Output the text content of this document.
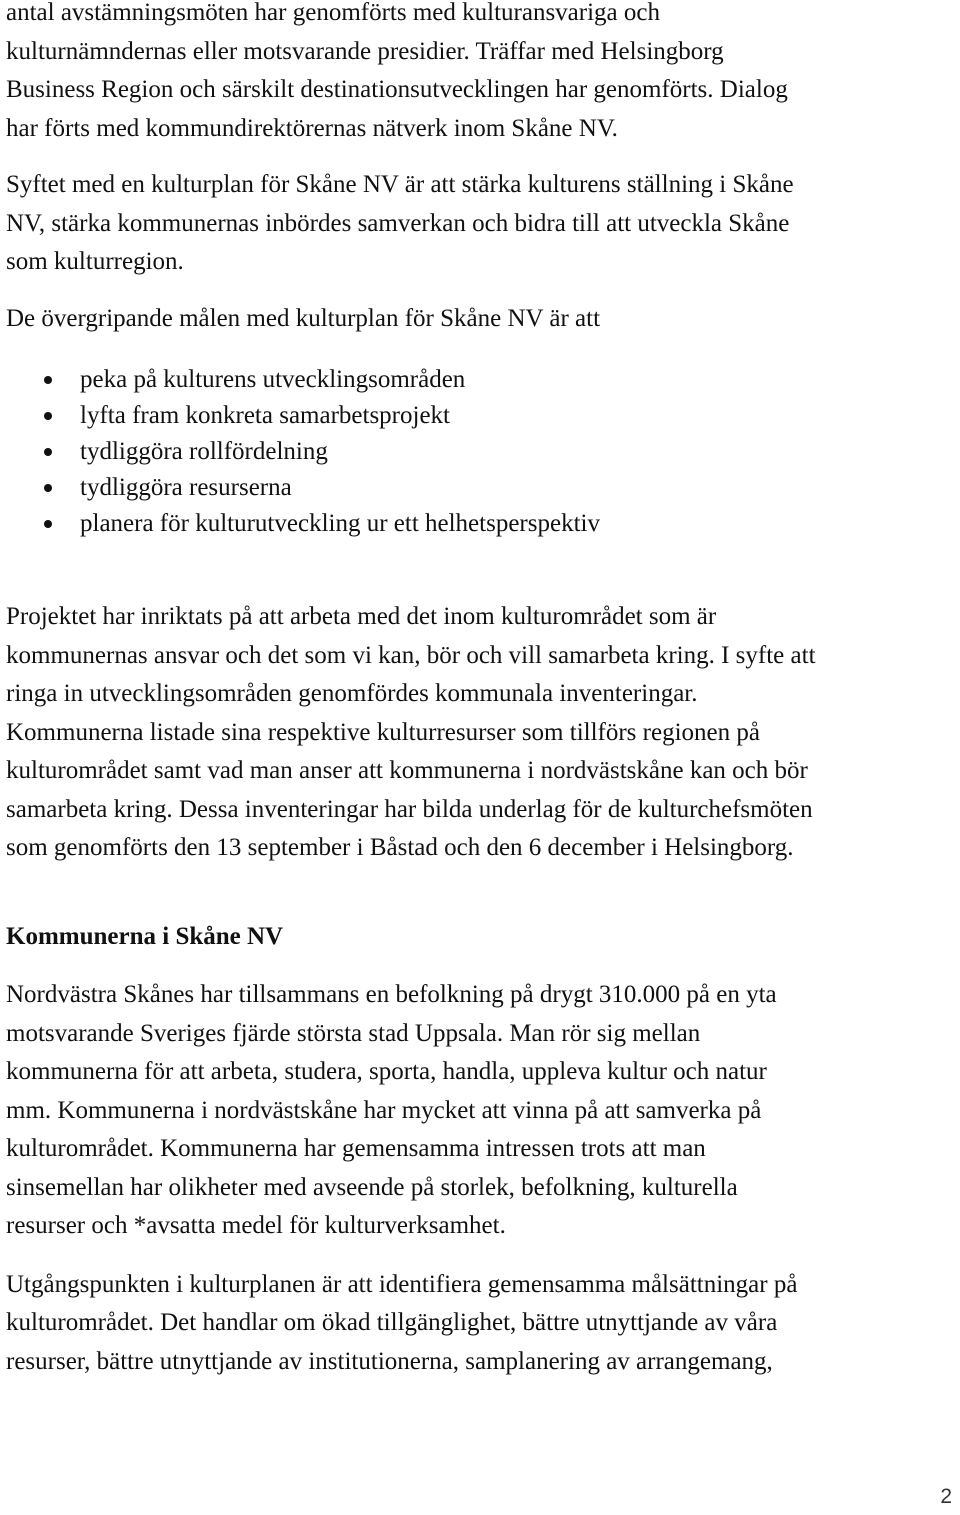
antal avstämningsmöten har genomförts med kulturansvariga och
kulturnämndernas eller motsvarande presidier. Träffar med Helsingborg
Business Region och särskilt destinationsutvecklingen har genomförts. Dialog
har förts med kommundirektörernas nätverk inom Skåne NV.

Syftet med en kulturplan för Skåne NV är att stärka kulturens ställning i Skåne
NV, stärka kommunernas inbördes samverkan och bidra till att utveckla Skåne
som kulturregion.

De övergripande målen med kulturplan för Skåne NV är att

peka på kulturens utvecklingsområden
lyfta fram konkreta samarbetsprojekt
tydliggöra rollfördelning
tydliggöra resurserna
planera för kulturutveckling ur ett helhetsperspektiv

Projektet har inriktats på att arbeta med det inom kulturområdet som är
kommunernas ansvar och det som vi kan, bör och vill samarbeta kring. I syfte att
ringa in utvecklingsområden genomfördes kommunala inventeringar.
Kommunerna listade sina respektive kulturresurser som tillförs regionen på
kulturområdet samt vad man anser att kommunerna i nordvästskåne kan och bör
samarbeta kring. Dessa inventeringar har bilda underlag för de kulturchefsmöten
som genomförts den 13 september i Båstad och den 6 december i Helsingborg.

Kommunerna i Skåne NV

Nordvästra Skånes har tillsammans en befolkning på drygt 310.000 på en yta
motsvarande Sveriges fjärde största stad Uppsala. Man rör sig mellan
kommunerna för att arbeta, studera, sporta, handla, uppleva kultur och natur
mm. Kommunerna i nordvästskåne har mycket att vinna på att samverka på
kulturområdet. Kommunerna har gemensamma intressen trots att man
sinsemellan har olikheter med avseende på storlek, befolkning, kulturella
resurser och *avsatta medel för kulturverksamhet.

Utgångspunkten i kulturplanen är att identifiera gemensamma målsättningar på
kulturområdet. Det handlar om ökad tillgänglighet, bättre utnyttjande av våra
resurser, bättre utnyttjande av institutionerna, samplanering av arrangemang,

2
